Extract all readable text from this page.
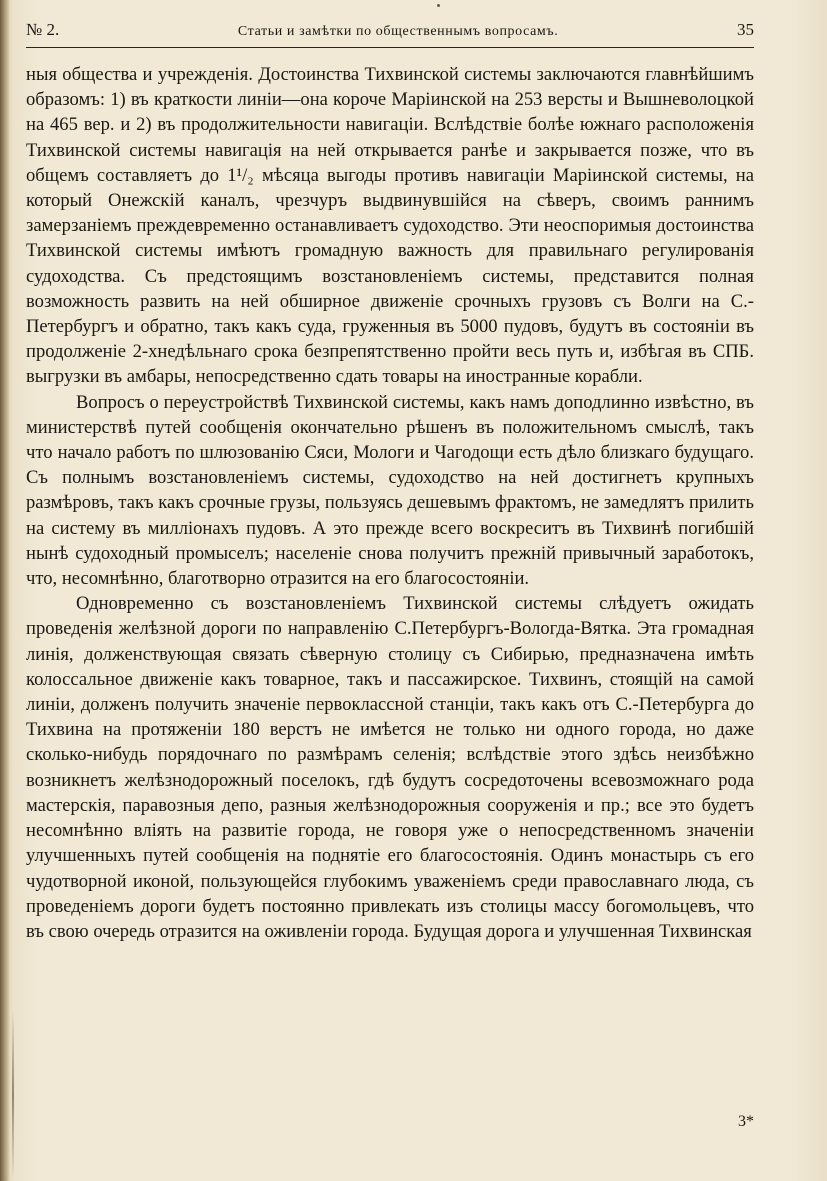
№ 2.	Статьи и замѣтки по общественнымъ вопросамъ.	35

ныя общества и учрежденія. Достоинства Тихвинской системы заключаются главнѣйшимъ образомъ: 1) въ краткости линіи—она короче Маріинской на 253 версты и Вышневолоцкой на 465 вер. и 2) въ продолжительности навигаціи. Вслѣдствіе болѣе южнаго расположенія Тихвинской системы навигація на ней открывается ранѣе и закрывается позже, что въ общемъ составляетъ до 1¹/₂ мѣсяца выгоды противъ навигаціи Маріинской системы, на который Онежскій каналъ, чрезчуръ выдвинувшійся на сѣверъ, своимъ раннимъ замерзаніемъ преждевременно останавливаетъ судоходство. Эти неоспоримыя достоинства Тихвинской системы имѣютъ громадную важность для правильнаго регулированія судоходства. Съ предстоящимъ возстановленіемъ системы, представится полная возможность развить на ней обширное движеніе срочныхъ грузовъ съ Волги на С.-Петербургъ и обратно, такъ какъ суда, груженныя въ 5000 пудовъ, будутъ въ состояніи въ продолженіе 2-хнедѣльнаго срока безпрепятственно пройти весь путь и, избѣгая въ СПБ. выгрузки въ амбары, непосредственно сдать товары на иностранные корабли.

Вопросъ о переустройствѣ Тихвинской системы, какъ намъ доподлинно извѣстно, въ министерствѣ путей сообщенія окончательно рѣшенъ въ положительномъ смыслѣ, такъ что начало работъ по шлюзованію Сяси, Мологи и Чагодощи есть дѣло близкаго будущаго. Съ полнымъ возстановленіемъ системы, судоходство на ней достигнетъ крупныхъ размѣровъ, такъ какъ срочные грузы, пользуясь дешевымъ фрактомъ, не замедлятъ прилить на систему въ милліонахъ пудовъ. А это прежде всего воскреситъ въ Тихвинѣ погибшій нынѣ судоходный промыселъ; населеніе снова получитъ прежній привычный заработокъ, что, несомнѣнно, благотворно отразится на его благосостояніи.

Одновременно съ возстановленіемъ Тихвинской системы слѣдуетъ ожидать проведенія желѣзной дороги по направленію С.Петербургъ-Вологда-Вятка. Эта громадная линія, долженствующая связать сѣверную столицу съ Сибирью, предназначена имѣть колоссальное движеніе какъ товарное, такъ и пассажирское. Тихвинъ, стоящій на самой линіи, долженъ получить значеніе первоклассной станціи, такъ какъ отъ С.-Петербурга до Тихвина на протяженіи 180 верстъ не имѣется не только ни одного города, но даже сколько-нибудь порядочнаго по размѣрамъ селенія; вслѣдствіе этого здѣсь неизбѣжно возникнетъ желѣзнодорожный поселокъ, гдѣ будутъ сосредоточены всевозможнаго рода мастерскія, паравозныя депо, разныя желѣзнодорожныя сооруженія и пр.; все это будетъ несомнѣнно вліять на развитіе города, не говоря уже о непосредственномъ значеніи улучшенныхъ путей сообщенія на поднятіе его благосостоянія. Одинъ монастырь съ его чудотворной иконой, пользующейся глубокимъ уваженіемъ среди православнаго люда, съ проведеніемъ дороги будетъ постоянно привлекать изъ столицы массу богомольцевъ, что въ свою очередь отразится на оживленіи города. Будущая дорога и улучшенная Тихвинская

3*
